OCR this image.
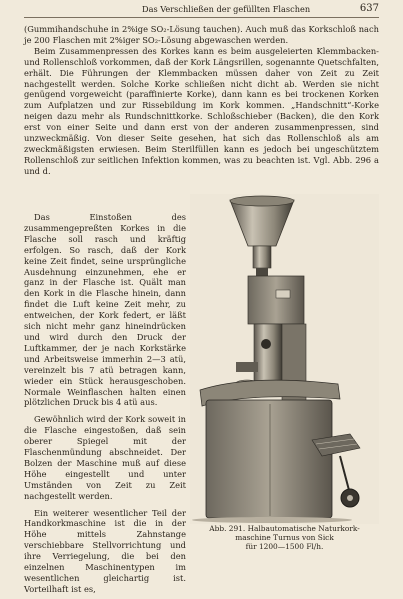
Das Verschließen der gefüllten Flaschen	637

(Gummihandschuhe in 2%ige SO₂-Lösung tauchen). Auch muß das Korkschloß nach je 200 Flaschen mit 2%iger SO₂-Lösung abgewaschen werden.

Beim Zusammenpressen des Korkes kann es beim ausgeleierten Klemmbacken- und Rollenschloß vorkommen, daß der Kork Längsrillen, sogenannte Quetschfalten, erhält. Die Führungen der Klemmbacken müssen daher von Zeit zu Zeit nachgestellt werden. Solche Korke schließen nicht dicht ab. Werden sie nicht genügend vorgeweicht (paraffinierte Korke), dann kann es bei trockenen Korken zum Aufplatzen und zur Rissebildung im Kork kommen. „Handschnitt“-Korke neigen dazu mehr als Rundschnittkorke. Schloßschieber (Backen), die den Kork erst von einer Seite und dann erst von der anderen zusammenpressen, sind unzweckmäßig. Von dieser Seite gesehen, hat sich das Rollenschloß als am zweckmäßigsten erwiesen. Beim Sterilfüllen kann es jedoch bei ungeschütztem Rollenschloß zur seitlichen Infektion kommen, was zu beachten ist. Vgl. Abb. 296 a und d.

Das Einstoßen des zusammengepreßten Korkes in die Flasche soll rasch und kräftig erfolgen. So rasch, daß der Kork keine Zeit findet, seine ursprüngliche Ausdehnung einzunehmen, ehe er ganz in der Flasche ist. Quält man den Kork in die Flasche hinein, dann findet die Luft keine Zeit mehr, zu entweichen, der Kork federt, er läßt sich nicht mehr ganz hineindrücken und wird durch den Druck der Luftkammer, der je nach Korkstärke und Arbeitsweise immerhin 2—3 atü, vereinzelt bis 7 atü betragen kann, wieder ein Stück herausgeschoben. Normale Weinflaschen halten einen plötzlichen Druck bis 4 atü aus.

Gewöhnlich wird der Kork soweit in die Flasche eingestoßen, daß sein oberer Spiegel mit der Flaschenmündung abschneidet. Der Bolzen der Maschine muß auf diese Höhe eingestellt und unter Umständen von Zeit zu Zeit nachgestellt werden.

Ein weiterer wesentlicher Teil der Handkorkmaschine ist die in der Höhe mittels Zahnstange verschiebbare Stellvorrichtung und ihre Verriegelung, die bei den einzelnen Maschinentypen im wesentlichen gleichartig ist. Vorteilhaft ist es,

Abb. 291. Halbautomatische Naturkork-
maschine Turnus von Sick
für 1200—1500 Fl/h.
